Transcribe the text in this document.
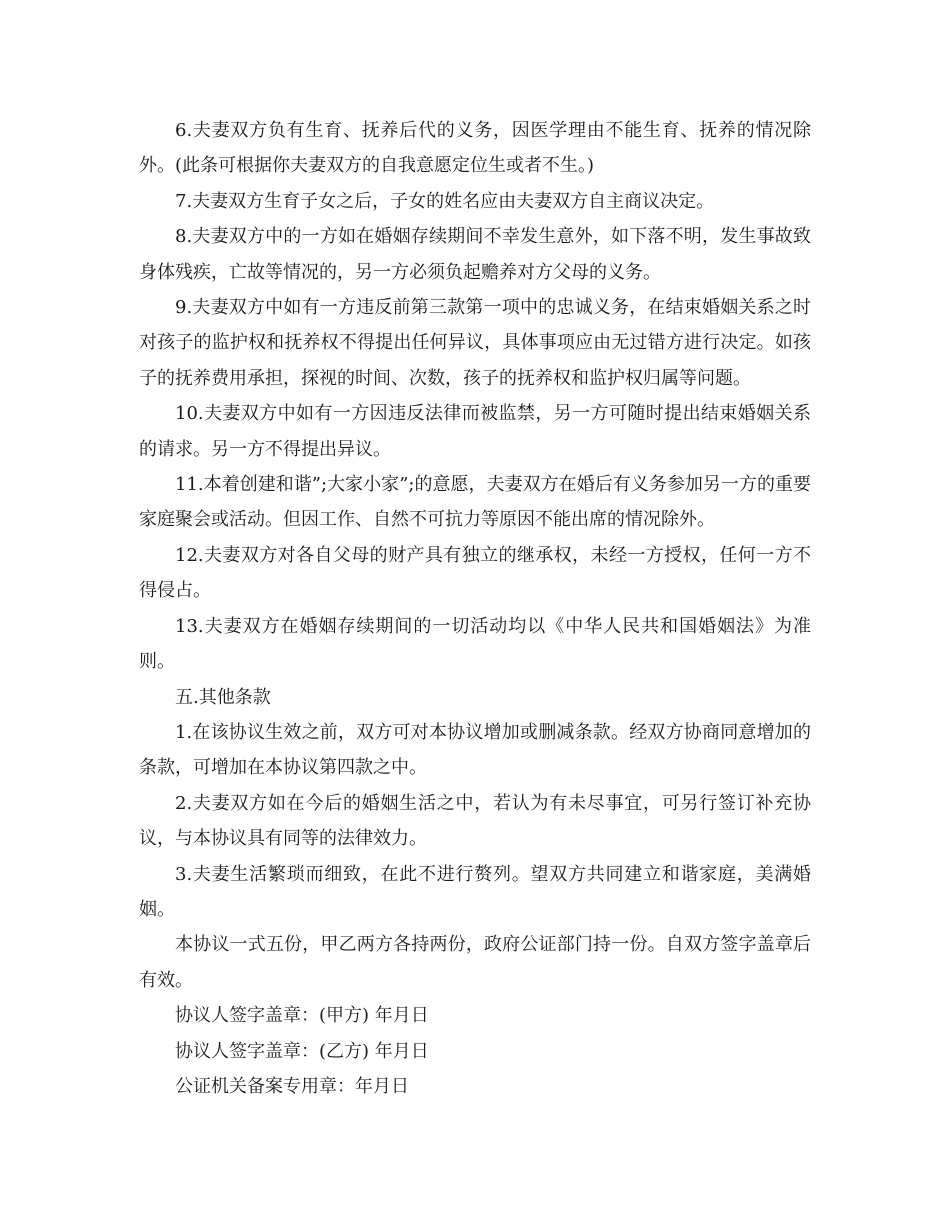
6.夫妻双方负有生育、抚养后代的义务，因医学理由不能生育、抚养的情况除外。(此条可根据你夫妻双方的自我意愿定位生或者不生。)

7.夫妻双方生育子女之后，子女的姓名应由夫妻双方自主商议决定。

8.夫妻双方中的一方如在婚姻存续期间不幸发生意外，如下落不明，发生事故致身体残疾，亡故等情况的，另一方必须负起赡养对方父母的义务。

9.夫妻双方中如有一方违反前第三款第一项中的忠诚义务，在结束婚姻关系之时对孩子的监护权和抚养权不得提出任何异议，具体事项应由无过错方进行决定。如孩子的抚养费用承担，探视的时间、次数，孩子的抚养权和监护权归属等问题。

10.夫妻双方中如有一方因违反法律而被监禁，另一方可随时提出结束婚姻关系的请求。另一方不得提出异议。

11.本着创建和谐”;大家小家”;的意愿，夫妻双方在婚后有义务参加另一方的重要家庭聚会或活动。但因工作、自然不可抗力等原因不能出席的情况除外。

12.夫妻双方对各自父母的财产具有独立的继承权，未经一方授权，任何一方不得侵占。

13.夫妻双方在婚姻存续期间的一切活动均以《中华人民共和国婚姻法》为准则。

五.其他条款

1.在该协议生效之前，双方可对本协议增加或删减条款。经双方协商同意增加的条款，可增加在本协议第四款之中。

2.夫妻双方如在今后的婚姻生活之中，若认为有未尽事宜，可另行签订补充协议，与本协议具有同等的法律效力。

3.夫妻生活繁琐而细致，在此不进行赘列。望双方共同建立和谐家庭，美满婚姻。

本协议一式五份，甲乙两方各持两份，政府公证部门持一份。自双方签字盖章后有效。

协议人签字盖章：(甲方) 年月日

协议人签字盖章：(乙方) 年月日

公证机关备案专用章：年月日
